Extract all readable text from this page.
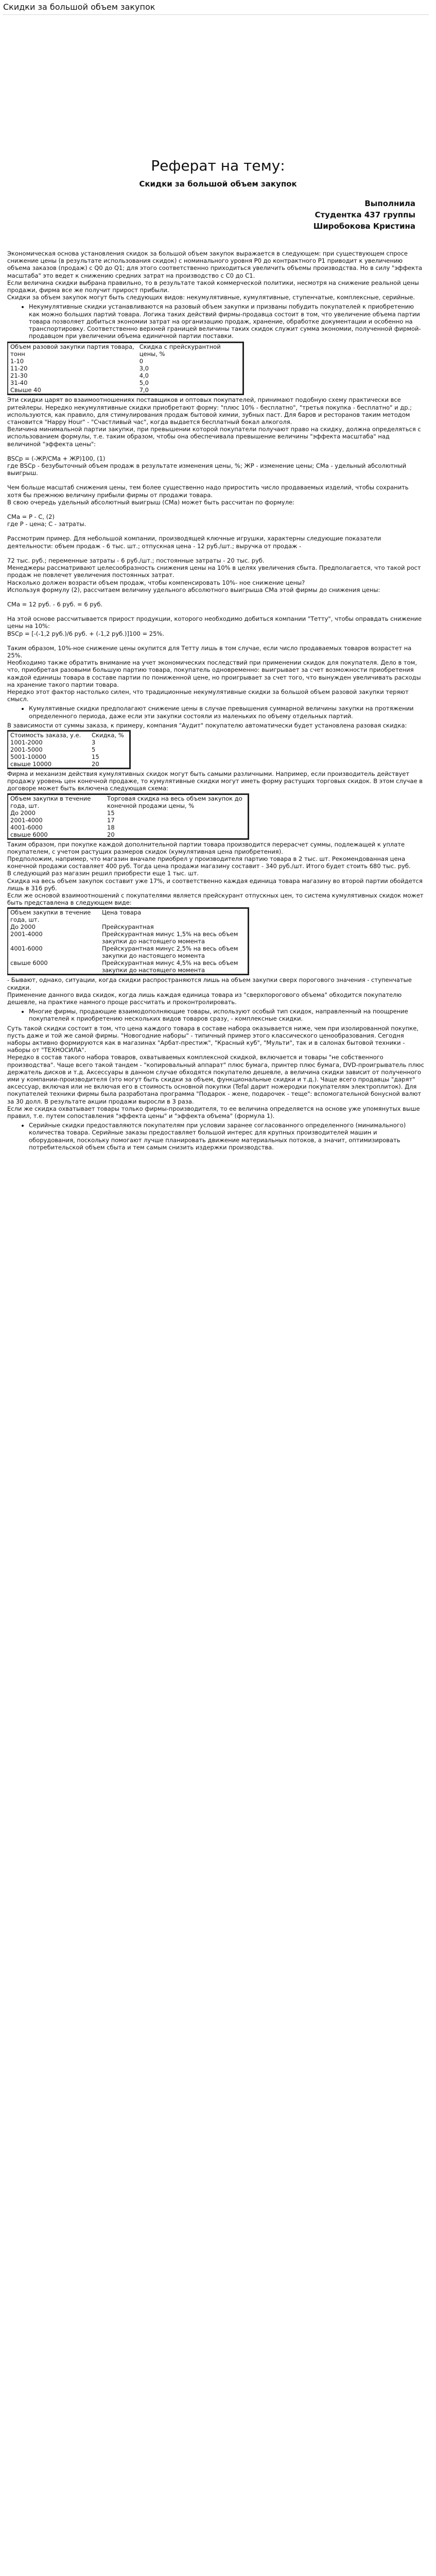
Скидки за большой объем закупок
Реферат на тему:
Скидки за большой объем закупок
Выполнила
Студентка 437 группы
Широбокова Кристина

Экономическая основа установления скидок за большой объем закупок выражается в следующем: при существующем спросе снижение цены (в результате использования скидок) с номинального уровня P0 до контрактного P1 приводит к увеличению объема заказов (продаж) с Q0 до Q1; для этого соответственно приходиться увеличить объемы производства. Но в силу "эффекта масштаба" это ведет к снижению средних затрат на производство с C0 до C1.

Если величина скидки выбрана правильно, то в результате такой коммерческой политики, несмотря на снижение реальной цены продажи, фирма все же получит прирост прибыли.

Скидки за объем закупок могут быть следующих видов: некумулятивные, кумулятивные, ступенчатые, комплексные, серийные.

• Некумулятивные скидки устанавливаются на разовый объем закупки и призваны побудить покупателей к приобретению как можно больших партий товара. Логика таких действий фирмы-продавца состоит в том, что увеличение объема партии товара позволяет добиться экономии затрат на организацию продаж, хранение, обработке документации и особенно на транспортировку. Соответственно верхней границей величины таких скидок служит сумма экономии, полученной фирмой-продавцом при увеличении объема единичной партии поставки.
Объем разовой закупки партия товара, тонн	Скидка с прейскурантной цены, %
1-10	0
11-20	3,0
21-30	4,0
31-40	5,0
Свыше 40	7,0

Эти скидки царят во взаимоотношениях поставщиков и оптовых покупателей, принимают подобную схему практически все ритейлеры. Нередко некумулятивные скидки приобретают форму: "плюс 10% - бесплатно", "третья покупка - бесплатно" и др.; используются, как правило, для стимулирования продаж бытовой химии, зубных паст. Для баров и ресторанов таким методом становится "Happy Hour" - "Счастливый час", когда выдается бесплатный бокал алкоголя.

Величина минимальной партии закупки, при превышении которой покупатели получают право на скидку, должна определяться с использованием формулы, т.е. таким образом, чтобы она обеспечивала превышение величины "эффекта масштаба" над величиной "эффекта цены":

BSCp = (-ЖР/СМа + ЖР)100, (1)

где BSCp - безубыточный объем продаж в результате изменения цены, %; ЖР - изменение цены; СМа - удельный абсолютный выигрыш.

Чем больше масштаб снижения цены, тем более существенно надо приростить число продаваемых изделий, чтобы сохранить хотя бы прежнюю величину прибыли фирмы от продажи товара.

В свою очередь удельный абсолютный выигрыш (СМа) может быть рассчитан по формуле:

СМа = Р - С, (2)

где Р - цена; С - затраты.

Рассмотрим пример. Для небольшой компании, производящей ключные игрушки, характерны следующие показатели деятельности: объем продаж - 6 тыс. шт.; отпускная цена - 12 руб./шт.; выручка от продаж -

72 тыс. руб.; переменные затраты - 6 руб./шт.; постоянные затраты - 20 тыс. руб.

Менеджеры рассматривают целесообразность снижения цены на 10% в целях увеличения сбыта. Предполагается, что такой рост продаж не повлечет увеличения постоянных затрат.

Насколько должен возрасти объем продаж, чтобы компенсировать 10%- ное снижение цены?

Используя формулу (2), рассчитаем величину удельного абсолютного выигрыша СМа этой фирмы до снижения цены:

СМа = 12 руб. - 6 руб. = 6 руб.

На этой основе рассчитывается прирост продукции, которого необходимо добиться компании "Тетту", чтобы оправдать снижение цены на 10%:

BSCp = [-(-1,2 руб.)/6 руб. + (-1,2 руб.)]100 = 25%.

Таким образом, 10%-ное снижение цены окупится для Тетту лишь в том случае, если число продаваемых товаров возрастет на 25%.

Необходимо также обратить внимание на учет экономических последствий при применении скидок для покупателя. Дело в том, что, приобретая разовыми большую партию товара, покупатель одновременно: выигрывает за счет возможности приобретения каждой единицы товара в составе партии по пониженной цене, но проигрывает за счет того, что вынужден увеличивать расходы на хранение такого партии товара.

Нередко этот фактор настолько силен, что традиционные некумулятивные скидки за большой объем разовой закупки теряют смысл.

• Кумулятивные скидки предполагают снижение цены в случае превышения суммарной величины закупки на протяжении определенного периода, даже если эти закупки состояли из маленьких по объему отдельных партий.

В зависимости от суммы заказа, к примеру, компания "Аудит" покупателю автоматически будет установлена разовая скидка:

Стоимость заказа, у.е.	Скидка, %
1001-2000	3
2001-5000	5
5001-10000	15
свыше 10000	20

Фирма и механизм действия кумулятивных скидок могут быть самыми различными. Например, если производитель действует продажу уровень цен конечной продаже, то кумулятивные скидки могут иметь форму растущих торговых скидок. В этом случае в договоре может быть включена следующая схема:

Объем закупки в течение года, шт.	Торговая скидка на весь объем закупок до конечной продажи цены, %
До 2000	15
2001-4000	17
4001-6000	18
свыше 6000	20

Таким образом, при покупке каждой дополнительной партии товара производится перерасчет суммы, подлежащей к уплате покупателем, с учетом растущих размеров скидок (кумулятивная цена приобретения).

Предположим, например, что магазин вначале приобрел у производителя партию товара в 2 тыс. шт. Рекомендованная цена конечной продажи составляет 400 руб. Тогда цена продажи магазину составит - 340 руб./шт. Итого будет стоить 680 тыс. руб.

В следующий раз магазин решил приобрести еще 1 тыс. шт.

Скидка на весь объем закупок составит уже 17%, и соответственно каждая единица товара магазину во второй партии обойдется лишь в 316 руб.

Если же основой взаимоотношений с покупателями является прейскурант отпускных цен, то система кумулятивных скидок может быть представлена в следующем виде:

Объем закупки в течение года, шт.	Цена товара
До 2000	Прейскурантная
2001-4000	Прейскурантная минус 1,5% на весь объем закупки до настоящего момента
4001-6000	Прейскурантная минус 2,5% на весь объем закупки до настоящего момента
свыше 6000	Прейскурантная минус 4,5% на весь объем закупки до настоящего момента

- Бывают, однако, ситуации, когда скидки распространяются лишь на объем закупки сверх порогового значения - ступенчатые скидки.

Применение данного вида скидок, когда лишь каждая единица товара из "сверхпорогового объема" обходится покупателю дешевле, на практике намного проще рассчитать и проконтролировать.

• Многие фирмы, продающие взаимодополняющие товары, используют особый тип скидок, направленный на поощрение покупателей к приобретению нескольких видов товаров сразу, - комплексные скидки.

Суть такой скидки состоит в том, что цена каждого товара в составе набора оказывается ниже, чем при изолированной покупке, пусть даже и той же самой фирмы. "Новогодние наборы" - типичный пример этого классического ценообразования. Сегодня наборы активно формируются как в магазинах "Арбат-престиж", "Красный куб", "Мульти", так и в салонах бытовой техники - наборы от "ТЕХНОСИЛА".

Нередко в состав такого набора товаров, охватываемых комплексной скидкой, включается и товары "не собственного производства". Чаще всего такой тандем - "копировальный аппарат" плюс бумага, принтер плюс бумага, DVD-проигрыватель плюс держатель дисков и т.д. Аксессуары в данном случае обходятся покупателю дешевле, а величина скидки зависит от полученного ими у компании-производителя (это могут быть скидки за объем, функциональные скидки и т.д.). Чаще всего продавцы "дарят" аксессуар, включая или не включая его в стоимость основной покупки (Tefal дарит ножеродки покупателям электроплиток). Для покупателей техники фирмы была разработана программа "Подарок - жене, подарочек - теще": вспомогательной бонусной валют за 30 долл. В результате акции продажи выросли в 3 раза.

Если же скидка охватывает товары только фирмы-производителя, то ее величина определяется на основе уже упомянутых выше правил, т.е. путем сопоставления "эффекта цены" и "эффекта объема" (формула 1).

• Серийные скидки предоставляются покупателям при условии заранее согласованного определенного (минимального) количества товара. Серийные заказы предоставляет большой интерес для крупных производителей машин и оборудования, поскольку помогают лучше планировать движение материальных потоков, а значит, оптимизировать потребительской объем сбыта и тем самым снизить издержки производства.
